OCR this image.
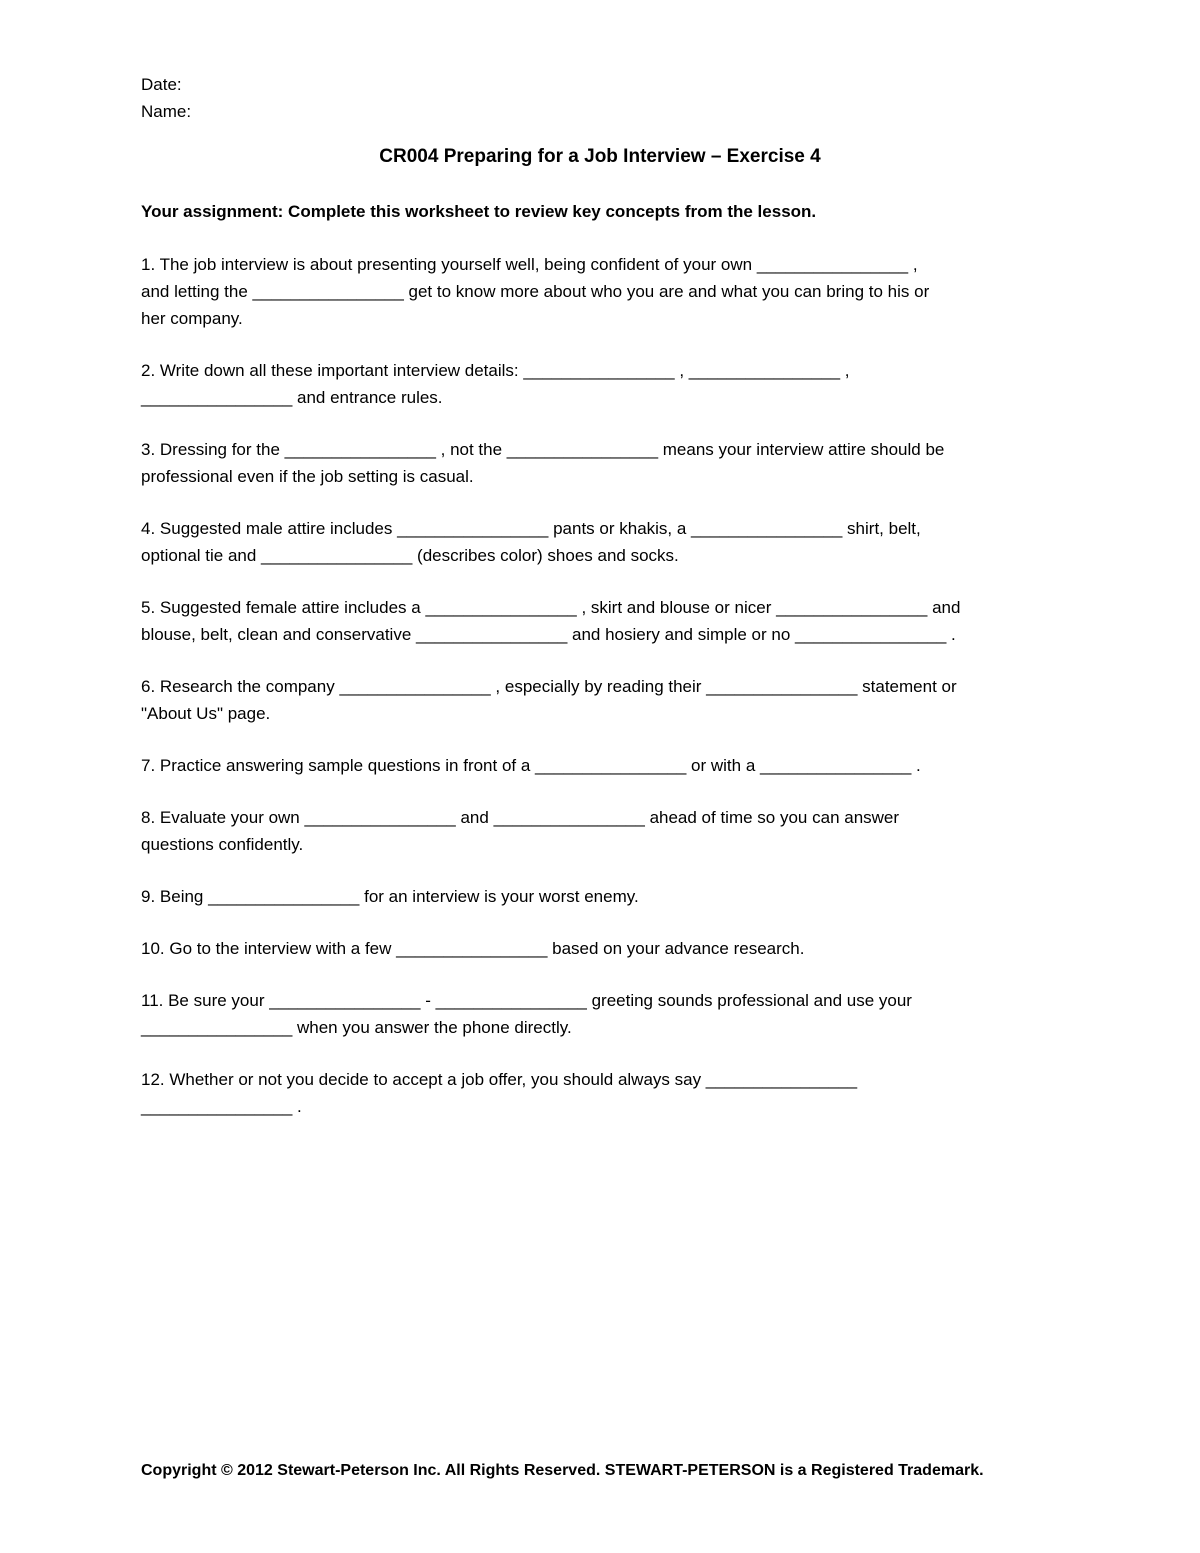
Date:
Name:
CR004 Preparing for a Job Interview – Exercise 4
Your assignment: Complete this worksheet to review key concepts from the lesson.
1. The job interview is about presenting yourself well, being confident of your own ________________ ,
and letting the ________________ get to know more about who you are and what you can bring to his or
her company.
2. Write down all these important interview details: ________________ , ________________ ,
________________ and entrance rules.
3. Dressing for the ________________ , not the ________________ means your interview attire should be
professional even if the job setting is casual.
4. Suggested male attire includes ________________ pants or khakis, a ________________ shirt, belt,
optional tie and ________________ (describes color) shoes and socks.
5. Suggested female attire includes a ________________ , skirt and blouse or nicer ________________ and
blouse, belt, clean and conservative ________________ and hosiery and simple or no ________________ .
6. Research the company ________________ , especially by reading their ________________ statement or
"About Us" page.
7. Practice answering sample questions in front of a ________________ or with a ________________ .
8. Evaluate your own ________________ and ________________ ahead of time so you can answer
questions confidently.
9. Being ________________ for an interview is your worst enemy.
10. Go to the interview with a few ________________ based on your advance research.
11. Be sure your ________________ - ________________ greeting sounds professional and use your
________________ when you answer the phone directly.
12. Whether or not you decide to accept a job offer, you should always say ________________
________________ .
Copyright © 2012 Stewart-Peterson Inc. All Rights Reserved. STEWART-PETERSON is a Registered Trademark.
